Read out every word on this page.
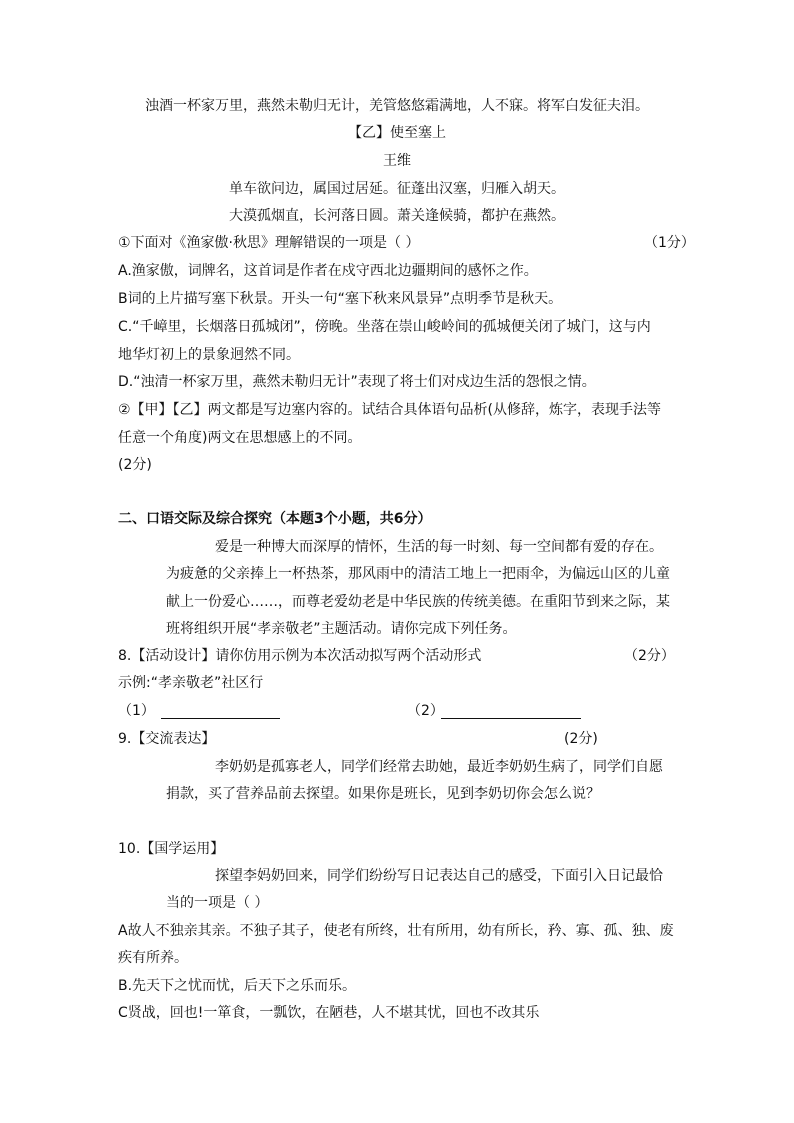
浊酒一杯家万里，燕然未勒归无计，羌管悠悠霜满地，人不寐。将军白发征夫泪。
【乙】使至塞上
王维
单车欲问边，属国过居延。征蓬出汉塞，归雁入胡天。
大漠孤烟直，长河落日圆。萧关逢候骑，都护在燕然。
①下面对《渔家傲·秋思》理解错误的一项是（ ）	（1分）
A.渔家傲，词牌名，这首词是作者在戍守西北边疆期间的感怀之作。
B词的上片描写塞下秋景。开头一句“塞下秋来风景异”点明季节是秋天。
C.“千嶂里，长烟落日孤城闭”，傍晚。坐落在崇山峻岭间的孤城便关闭了城门，这与内
地华灯初上的景象迥然不同。
D.“浊清一杯家万里，燕然未勒归无计”表现了将士们对戍边生活的怨恨之情。
②【甲】【乙】两文都是写边塞内容的。试结合具体语句品析(从修辞，炼字，表现手法等
任意一个角度)两文在思想感上的不同。
(2分)
二、口语交际及综合探究（本题3个小题，共6分）
爱是一种博大而深厚的情怀，生活的每一时刻、每一空间都有爱的存在。
为疲惫的父亲捧上一杯热茶，那风雨中的清洁工地上一把雨伞，为偏远山区的儿童
献上一份爱心……，而尊老爱幼老是中华民族的传统美德。在重阳节到来之际，某
班将组织开展“孝亲敬老”主题活动。请你完成下列任务。
8.【活动设计】请你仿用示例为本次活动拟写两个活动形式	（2分）
示例:“孝亲敬老”社区行
（1）	（2）
9.【交流表达】	(2分)
李奶奶是孤寡老人，同学们经常去助她，最近李奶奶生病了，同学们自愿
捐款，买了营养品前去探望。如果你是班长，见到李奶切你会怎么说？
10.【国学运用】
探望李妈奶回来，同学们纷纷写日记表达自己的感受，下面引入日记最恰
当的一项是（ ）
A故人不独亲其亲。不独子其子，使老有所终，壮有所用，幼有所长，矜、寡、孤、独、废
疾有所养。
B.先天下之忧而忧，后天下之乐而乐。
C贤战，回也!一箪食，一瓢饮，在陋巷，人不堪其忧，回也不改其乐
